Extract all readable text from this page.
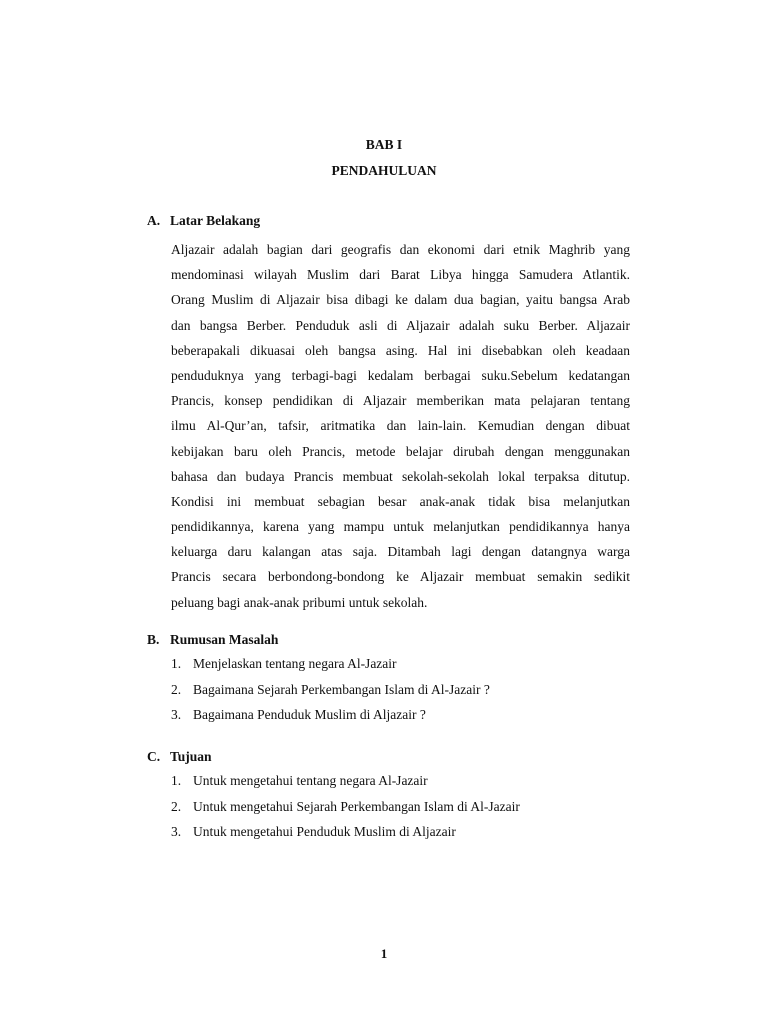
BAB I
PENDAHULUAN
A. Latar Belakang
Aljazair adalah bagian dari geografis dan ekonomi dari etnik Maghrib yang
mendominasi wilayah Muslim dari Barat Libya hingga Samudera Atlantik.
Orang Muslim di Aljazair bisa dibagi ke dalam dua bagian, yaitu bangsa Arab
dan bangsa Berber. Penduduk asli di Aljazair adalah suku Berber. Aljazair
beberapakali dikuasai oleh bangsa asing. Hal ini disebabkan oleh keadaan
penduduknya yang terbagi-bagi kedalam berbagai suku.Sebelum kedatangan
Prancis, konsep pendidikan di Aljazair memberikan mata pelajaran tentang
ilmu Al-Qur’an, tafsir, aritmatika dan lain-lain. Kemudian dengan dibuat
kebijakan baru oleh Prancis, metode belajar dirubah dengan menggunakan
bahasa dan budaya Prancis membuat sekolah-sekolah lokal terpaksa ditutup.
Kondisi ini membuat sebagian besar anak-anak tidak bisa melanjutkan
pendidikannya, karena yang mampu untuk melanjutkan pendidikannya hanya
keluarga daru kalangan atas saja. Ditambah lagi dengan datangnya warga
Prancis secara berbondong-bondong ke Aljazair membuat semakin sedikit
peluang bagi anak-anak pribumi untuk sekolah.
B. Rumusan Masalah
1. Menjelaskan tentang negara Al-Jazair
2. Bagaimana Sejarah Perkembangan Islam di Al-Jazair ?
3. Bagaimana Penduduk Muslim di Aljazair ?
C. Tujuan
1. Untuk mengetahui tentang negara Al-Jazair
2. Untuk mengetahui Sejarah Perkembangan Islam di Al-Jazair
3. Untuk mengetahui Penduduk Muslim di Aljazair
1
